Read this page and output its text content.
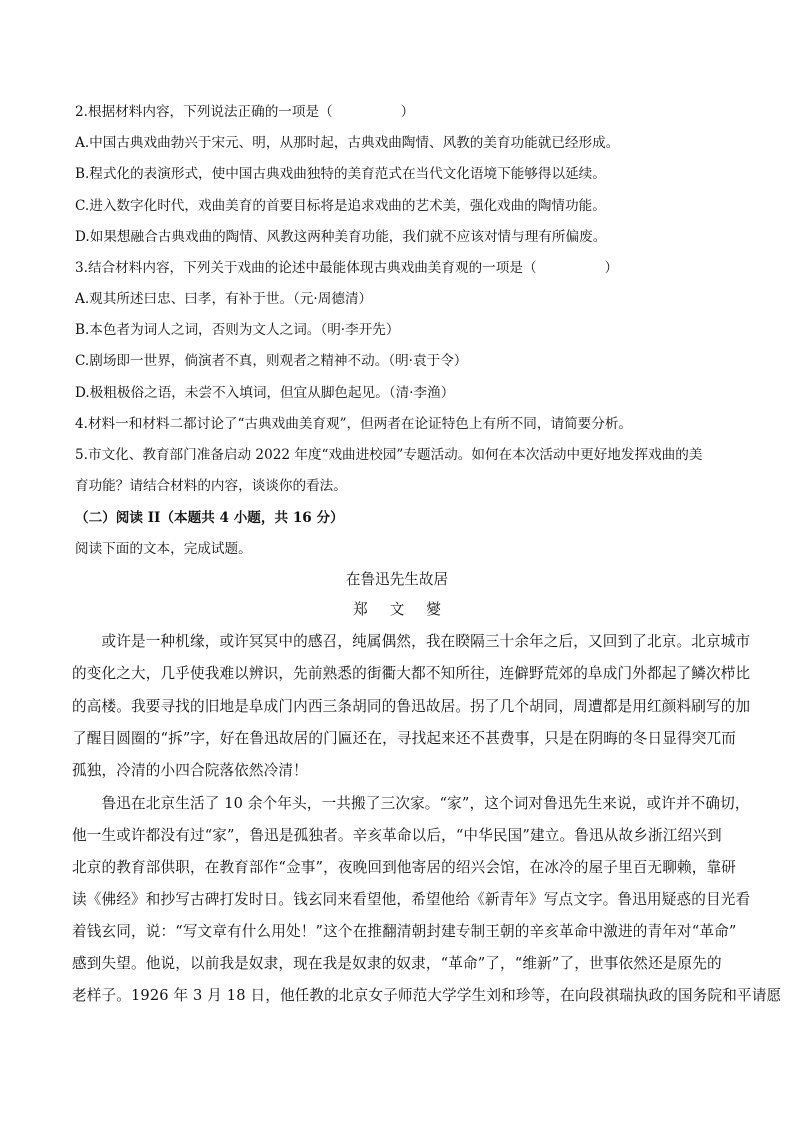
2.根据材料内容，下列说法正确的一项是（　　　　　）
A.中国古典戏曲勃兴于宋元、明，从那时起，古典戏曲陶情、风教的美育功能就已经形成。
B.程式化的表演形式，使中国古典戏曲独特的美育范式在当代文化语境下能够得以延续。
C.进入数字化时代，戏曲美育的首要目标将是追求戏曲的艺术美，强化戏曲的陶情功能。
D.如果想融合古典戏曲的陶情、风教这两种美育功能，我们就不应该对情与理有所偏废。
3.结合材料内容，下列关于戏曲的论述中最能体现古典戏曲美育观的一项是（　　　　　）
A.观其所述曰忠、曰孝，有补于世。（元·周德清）
B.本色者为词人之词，否则为文人之词。（明·李开先）
C.剧场即一世界，倘演者不真，则观者之精神不动。（明·袁于令）
D.极粗极俗之语，未尝不入填词，但宜从脚色起见。（清·李渔）
4.材料一和材料二都讨论了“古典戏曲美育观”，但两者在论证特色上有所不同，请简要分析。
5.市文化、教育部门准备启动 2022 年度“戏曲进校园”专题活动。如何在本次活动中更好地发挥戏曲的美
育功能？请结合材料的内容，谈谈你的看法。
（二）阅读 II（本题共 4 小题，共 16 分）
阅读下面的文本，完成试题。
在鲁迅先生故居
郑文夑
　　或许是一种机缘，或许冥冥中的感召，纯属偶然，我在睽隔三十余年之后，又回到了北京。北京城市
的变化之大，几乎使我难以辨识，先前熟悉的街衢大都不知所往，连僻野荒郊的阜成门外都起了鳞次栉比
的高楼。我要寻找的旧地是阜成门内西三条胡同的鲁迅故居。拐了几个胡同，周遭都是用红颜料刷写的加
了醒目圆圈的“拆”字，好在鲁迅故居的门匾还在，寻找起来还不甚费事，只是在阴晦的冬日显得突兀而
孤独，冷清的小四合院落依然冷清！
　　鲁迅在北京生活了 10 余个年头，一共搬了三次家。“家”，这个词对鲁迅先生来说，或许并不确切，
他一生或许都没有过“家”，鲁迅是孤独者。辛亥革命以后，“中华民国”建立。鲁迅从故乡浙江绍兴到
北京的教育部供职，在教育部作“佥事”，夜晚回到他寄居的绍兴会馆，在冰冷的屋子里百无聊赖，靠研
读《佛经》和抄写古碑打发时日。钱玄同来看望他，希望他给《新青年》写点文字。鲁迅用疑惑的目光看
着钱玄同，说：“写文章有什么用处！”这个在推翻清朝封建专制王朝的辛亥革命中激进的青年对“革命”
感到失望。他说，以前我是奴隶，现在我是奴隶的奴隶，“革命”了，“维新”了，世事依然还是原先的
老样子。1926 年 3 月 18 日，他任教的北京女子师范大学学生刘和珍等，在向段祺瑞执政的国务院和平请愿
